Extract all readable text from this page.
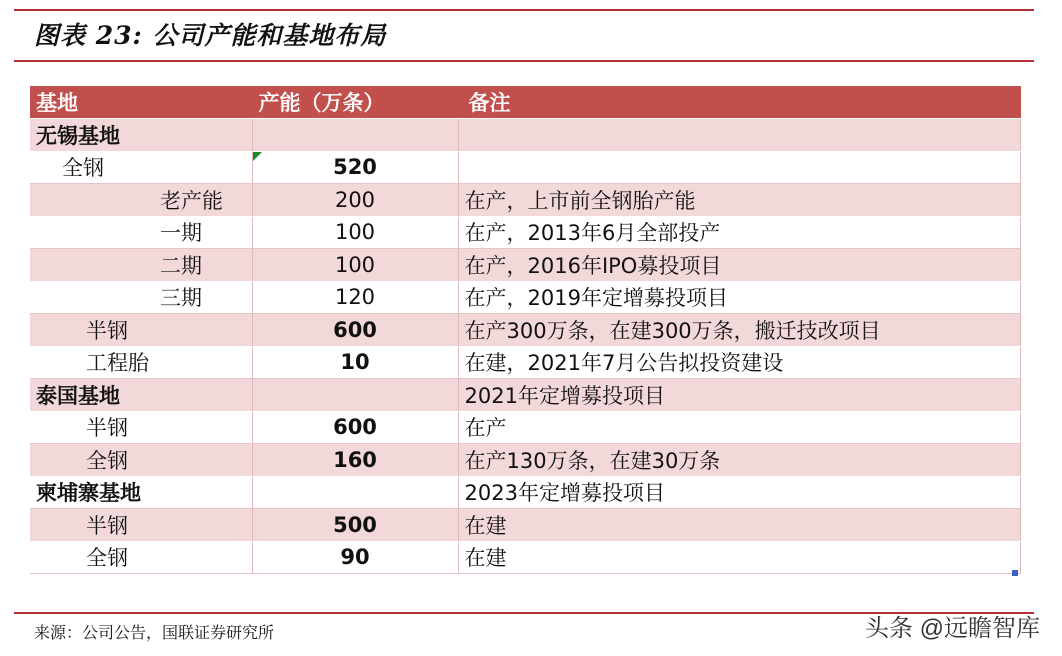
图表 23: 公司产能和基地布局
基地	产能（万条）	备注
无锡基地		
全钢	520	
老产能	200	在产，上市前全钢胎产能
一期	100	在产，2013年6月全部投产
二期	100	在产，2016年IPO募投项目
三期	120	在产，2019年定增募投项目
半钢	600	在产300万条，在建300万条，搬迁技改项目
工程胎	10	在建，2021年7月公告拟投资建设
泰国基地		2021年定增募投项目
半钢	600	在产
全钢	160	在产130万条，在建30万条
柬埔寨基地		2023年定增募投项目
半钢	500	在建
全钢	90	在建
来源：公司公告，国联证券研究所	头条 @远瞻智库
